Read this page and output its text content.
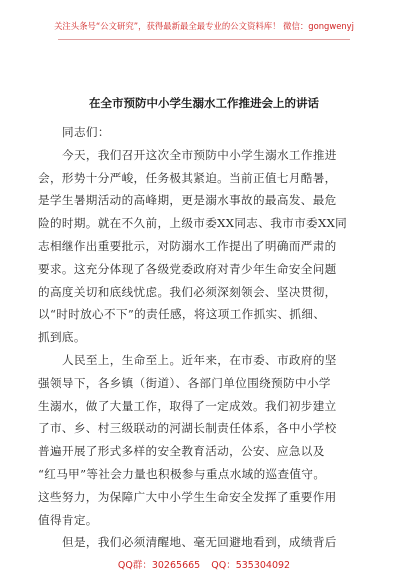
关注头条号“公文研究”，获得最新最全最专业的公文资料库！ 微信：gongwenyj
在全市预防中小学生溺水工作推进会上的讲话
同志们：
今天，我们召开这次全市预防中小学生溺水工作推进
会，形势十分严峻，任务极其紧迫。当前正值七月酷暑，
是学生暑期活动的高峰期，更是溺水事故的最高发、最危
险的时期。就在不久前，上级市委XX同志、我市市委XX同
志相继作出重要批示，对防溺水工作提出了明确而严肃的
要求。这充分体现了各级党委政府对青少年生命安全问题
的高度关切和底线忧虑。我们必须深刻领会、坚决贯彻，
以“时时放心不下”的责任感，将这项工作抓实、抓细、
抓到底。
人民至上，生命至上。近年来，在市委、市政府的坚
强领导下，各乡镇（街道）、各部门单位围绕预防中小学
生溺水，做了大量工作，取得了一定成效。我们初步建立
了市、乡、村三级联动的河湖长制责任体系，各中小学校
普遍开展了形式多样的安全教育活动，公安、应急以及
“红马甲”等社会力量也积极参与重点水域的巡查值守。
这些努力，为保障广大中小学生生命安全发挥了重要作用
值得肯定。
但是，我们必须清醒地、毫无回避地看到，成绩背后
QQ群：30265665 QQ：535304092
